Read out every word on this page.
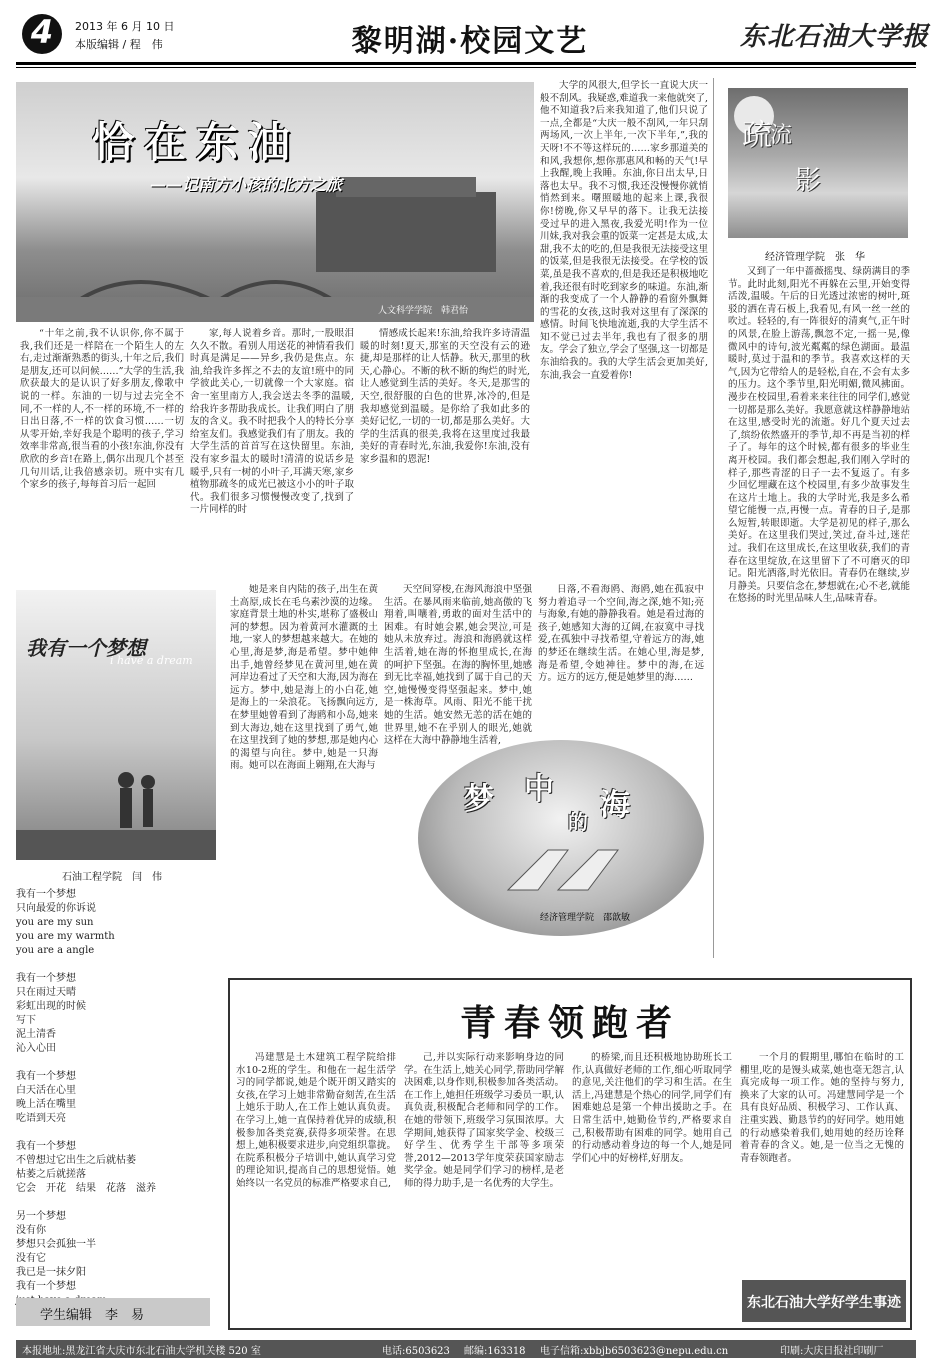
4	2013 年 6 月 10 日
本版编辑 / 程　伟	黎明湖·校园文艺	东北石油大学报
恰在东油
——记南方小孩的北方之旅
人文科学学院　韩君怡

“十年之前,我不认识你,你不属于我,我们还是一样陪在一个陌生人的左右,走过渐渐熟悉的街头,十年之后,我们是朋友,还可以问候……”大学的生活,我欣获最大的是认识了好多朋友,像歌中说的一样。东油的一切与过去完全不同,不一样的人,不一样的环境,不一样的日出日落,不一样的饮食习惯……一切从零开始,幸好我是个聪明的孩子,学习效率非常高,很当看的小孩!东油,你没有欣欣的乡音!在路上,偶尔出现几个甚至几句川话,让我倍感亲切。班中实有几个家乡的孩子,每每首习后一起回

家,每人说着乡音。那时,一股眼泪久久不散。看别人用送花的神情看我们时真是满足——异乡,我仍是焦点。东油,给我许多挥之不去的友谊!班中的同学彼此关心,一切就像一个大家庭。宿舍一室里南方人,我会送去冬季的温暖,给我许多帮助我成长。让我们明白了朋友的含义。我不时把我个人的特长分享给室友们。我感觉我们有了朋友。我的大学生活的首首写在这快留里。东油,没有家乡温太的暖时!清清的说话乡是暖乎,只有一树的小叶子,耳满天寒,家乡植物那疏冬的成光已被这小小的叶子取代。我们很多习惯慢慢改变了,找到了一片同样的时

情感成长起来!东油,给我许多诗清温暖的时刻!夏天,那室的天空没有云的逊捷,却是那样的让人恬静。秋天,那里的秋天,心静心。不断的秋不断的绚烂的时光,让人感觉到生活的美好。冬天,是那雪的天空,很舒服的白色的世界,冰冷的,但是我却感觉到温暖。是你给了我如此多的美好记忆,一切的一切,都是那么美好。大学的生活真的很美,我将在这里度过我最美好的青春时光,东油,我爱你!东油,没有家乡温和的恩泥!

大学的风很大,但学长一直说大庆一般不刮风。我疑惑,难道我一来他就突了,他不知道我?后来我知道了,他们只说了一点,全都是“大庆一般不刮风,一年只刮两场风,一次上半年,一次下半年,”,我的天呀!不不等这样玩的……家乡那道美的和风,我想你,想你那惠风和畅的天气!早上我醒,晚上我睡。东油,你日出太早,日落也太早。我不习惯,我还没慢慢你就悄悄然到来。曙照暖地的起来上课,我很你!傍晚,你又早早的落下。让我无法接受过早的进入黑夜,我爱光明!作为一位川妹,我对我会重的饭菜一定甚是太成,太甜,我不太的吃的,但是我很无法接受这里的饭菜,但是我很无法接受。在学校的饭菜,虽是我不喜欢的,但是我还是积极地吃着,我还很有时吃到家乡的味道。东油,渐渐的我变成了一个人静静的看窗外飘舞的雪花的女孩,这时我对这里有了深深的感情。时间飞快地流逝,我的大学生活不知不觉已过去半年,我也有了很多的朋友。学会了独立,学会了坚强,这一切都是东油给我的。我的大学生活会更加美好,东油,我会一直爱着你!

疏
流
影
经济管理学院　张　华

又到了一年中蔷薇摇曳、绿荫满目的季节。此时此刻,阳光不再躲在云里,开始变得活泼,温暖。午后的日光透过浓密的树叶,斑驳的洒在青石板上,我看见,有风一丝一丝的吹过。轻轻的,有一阵很好的清爽气,正午时的风景,在脸上游荡,飘忽不定,一摇一晃,像微风中的诗句,波光粼粼的绿色湖面。最温暖时,莫过于温和的季节。我喜欢这样的天气,因为它带给人的是轻松,自在,不会有太多的压力。这个季节里,阳光明媚,微风拂面。漫步在校园里,看着来来往往的同学们,感觉一切都是那么美好。我愿意就这样静静地站在这里,感受时光的流逝。好几个夏天过去了,缤纷依然盛开的季节,却不再是当初的样子了。每年的这个时候,都有很多的毕业生离开校园。我们都会想起,我们刚入学时的样子,那些青涩的日子一去不复返了。有多少回忆埋藏在这个校园里,有多少故事发生在这片土地上。我的大学时光,我是多么希望它能慢一点,再慢一点。青春的日子,是那么短暂,转眼即逝。大学是初见的样子,那么美好。在这里我们哭过,笑过,奋斗过,迷茫过。我们在这里成长,在这里收获,我们的青春在这里绽放,在这里留下了不可磨灭的印记。阳光洒落,时光依旧。青春仍在继续,岁月静美。只要信念在,梦想就在;心不老,就能在悠扬的时光里品味人生,品味青春。

我有一个梦想
i have a dream
石油工程学院　闫　伟
我有一个梦想
只向最爱的你诉说
you are my sun
you are my warmth
you are a angle
我有一个梦想
只在雨过天晴
彩虹出现的时候
写下
泥土清香
沁入心田
我有一个梦想
白天活在心里
晚上活在嘴里
吃语到天亮
我有一个梦想
不曾想过它出生之后就枯萎
枯萎之后就搓落
它会　开花　结果　花落　滋养
另一个梦想
没有你
梦想只会孤独一半
没有它
我已是一抹夕阳
我有一个梦想
学生编辑　李　易

她是来自内陆的孩子,出生在黄土高原,成长在毛乌素沙漠的边缘。家庭背景土地的朴实,堪称了盛极山河的梦想。因为着黄河水灌溉的土地,一家人的梦想越来越大。在她的心里,海是梦,海是希望。梦中她伸出手,她曾经梦见在黄河里,她在黄河岸边看过了天空和大海,因为海在远方。梦中,她是海上的小白花,她是海上的一朵浪花。飞扬飘向远方,在梦里她曾看到了海鸥和小岛,她来到大海边,她在这里找到了勇气,她在这里找到了她的梦想,那是她内心的渴望与向往。梦中,她是一只海雨。她可以在海面上翱翔,在大海与

天空间穿梭,在海风海浪中坚强生活。在暴风雨来临前,她高傲的飞翔着,叫嚷着,勇敢的面对生活中的困难。有时她会累,她会哭泣,可是她从未放弃过。海浪和海鸥就这样生活着,她在海的怀抱里成长,在海的呵护下坚强。在海的胸怀里,她感到无比幸福,她找到了属于自己的天空,她慢慢变得坚强起来。梦中,她是一株海草。风雨、阳光不能干扰她的生活。她安然无恙的活在她的世界里,她不在乎别人的眼光,她就这样在大海中静静地生活着,

日落,不看海鸥、海鸥,她在孤寂中努力着追寻一个空间,海之深,她不知;亮与海象,有她的静静我看。她是看过海的孩子,她感知大海的辽阔,在寂寞中寻找爱,在孤独中寻找希望,守着远方的海,她的梦还在继续生活。在她心里,海是梦,海是希望,令她神往。梦中的海,在远方。远方的远方,便是她梦里的海……

梦 中
的 海
经济管理学院　邵歆敏
青春领跑者

冯建慧是土木建筑工程学院给排水10-2班的学生。和他在一起生活学习的同学都说,她是个既开朗又踏实的女孩,在学习上她非常勤奋刻苦,在生活上她乐于助人,在工作上她认真负责。在学习上,她一直保持着优异的成绩,积极参加各类竞赛,获得多项荣誉。在思想上,她积极要求进步,向党组织靠拢。在院系积极分子培训中,她认真学习党的理论知识,提高自己的思想觉悟。她始终以一名党员的标准严格要求自己,

己,并以实际行动来影响身边的同学。在生活上,她关心同学,帮助同学解决困难,以身作则,积极参加各类活动。在工作上,她担任班级学习委员一职,认真负责,积极配合老师和同学的工作。在她的带领下,班级学习氛围浓厚。大学期间,她获得了国家奖学金、校级三好学生、优秀学生干部等多项荣誉,2012—2013学年度荣获国家励志奖学金。她是同学们学习的榜样,是老师的得力助手,是一名优秀的大学生。

的桥梁,而且还积极地协助班长工作,认真做好老师的工作,细心听取同学的意见,关注他们的学习和生活。在生活上,冯建慧是个热心的同学,同学们有困难她总是第一个伸出援助之手。在日常生活中,她勤俭节约,严格要求自己,积极帮助有困难的同学。她用自己的行动感动着身边的每一个人,她是同学们心中的好榜样,好朋友。

一个月的假期里,哪怕在临时的工棚里,吃的是馒头咸菜,她也毫无怨言,认真完成每一项工作。她的坚持与努力,换来了大家的认可。冯建慧同学是一个具有良好品质、积极学习、工作认真、注重实践、勤恳节约的好同学。她用她的行动感染着我们,她用她的经历诠释着青春的含义。她,是一位当之无愧的青春领跑者。

东北石油大学好学生事迹
本报地址:黑龙江省大庆市东北石油大学机关楼 520 室	电话:6503623 邮编:163318 电子信箱:xbbjb6503623@nepu.edu.cn	印刷:大庆日报社印刷厂
